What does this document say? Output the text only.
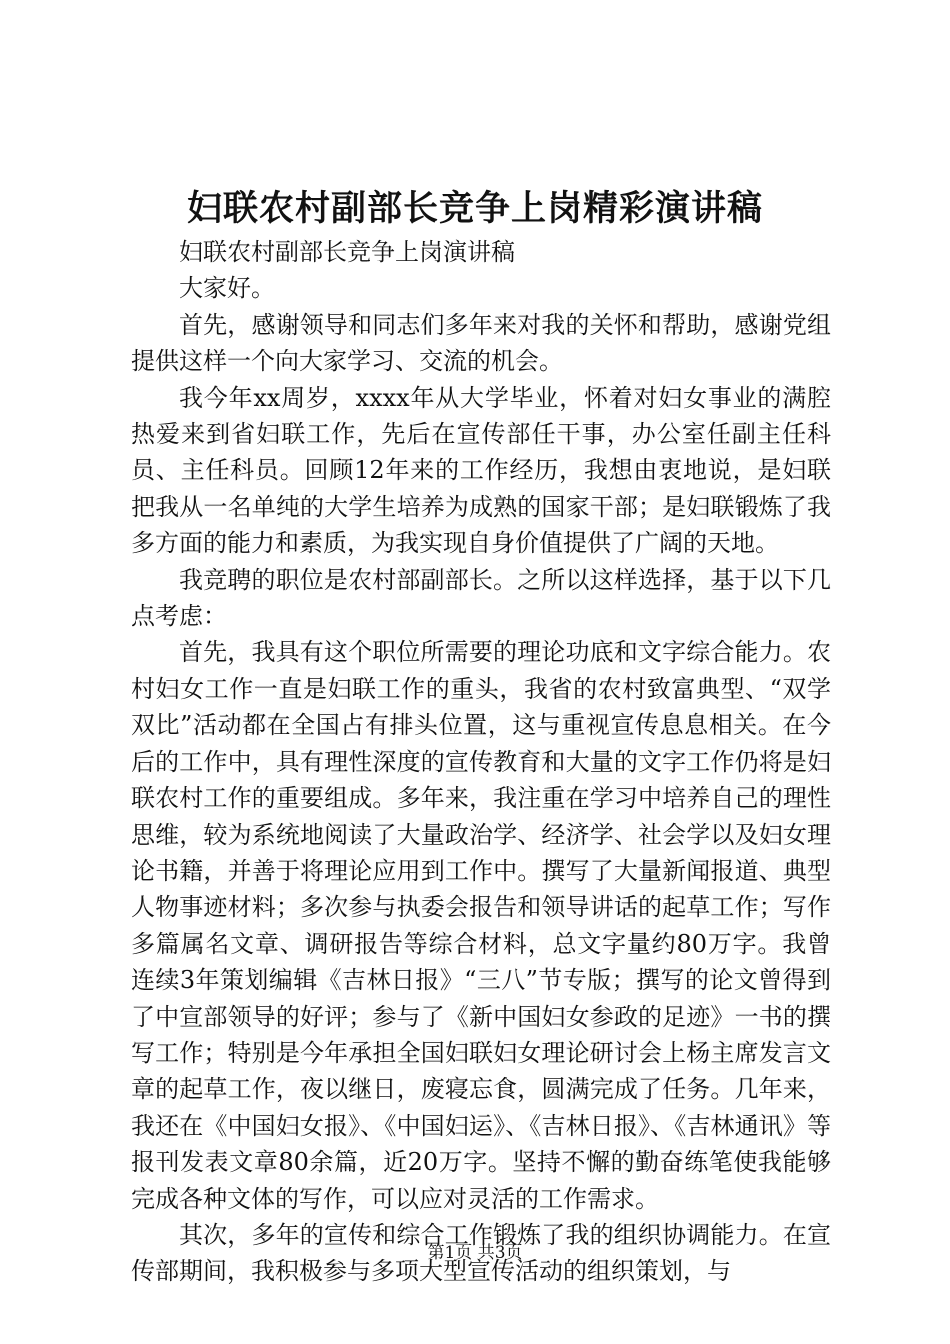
妇联农村副部长竞争上岗精彩演讲稿

妇联农村副部长竞争上岗演讲稿

大家好。

首先，感谢领导和同志们多年来对我的关怀和帮助，感谢党组提供这样一个向大家学习、交流的机会。

我今年xx周岁，xxxx年从大学毕业，怀着对妇女事业的满腔热爱来到省妇联工作，先后在宣传部任干事，办公室任副主任科员、主任科员。回顾12年来的工作经历，我想由衷地说，是妇联把我从一名单纯的大学生培养为成熟的国家干部；是妇联锻炼了我多方面的能力和素质，为我实现自身价值提供了广阔的天地。

我竞聘的职位是农村部副部长。之所以这样选择，基于以下几点考虑：

首先，我具有这个职位所需要的理论功底和文字综合能力。农村妇女工作一直是妇联工作的重头，我省的农村致富典型、“双学双比”活动都在全国占有排头位置，这与重视宣传息息相关。在今后的工作中，具有理性深度的宣传教育和大量的文字工作仍将是妇联农村工作的重要组成。多年来，我注重在学习中培养自己的理性思维，较为系统地阅读了大量政治学、经济学、社会学以及妇女理论书籍，并善于将理论应用到工作中。撰写了大量新闻报道、典型人物事迹材料；多次参与执委会报告和领导讲话的起草工作；写作多篇属名文章、调研报告等综合材料，总文字量约80万字。我曾连续3年策划编辑《吉林日报》“三八”节专版；撰写的论文曾得到了中宣部领导的好评；参与了《新中国妇女参政的足迹》一书的撰写工作；特别是今年承担全国妇联妇女理论研讨会上杨主席发言文章的起草工作，夜以继日，废寝忘食，圆满完成了任务。几年来，我还在《中国妇女报》、《中国妇运》、《吉林日报》、《吉林通讯》等报刊发表文章80余篇，近20万字。坚持不懈的勤奋练笔使我能够完成各种文体的写作，可以应对灵活的工作需求。

其次，多年的宣传和综合工作锻炼了我的组织协调能力。在宣传部期间，我积极参与多项大型宣传活动的组织策划，与

第1页 共3页
